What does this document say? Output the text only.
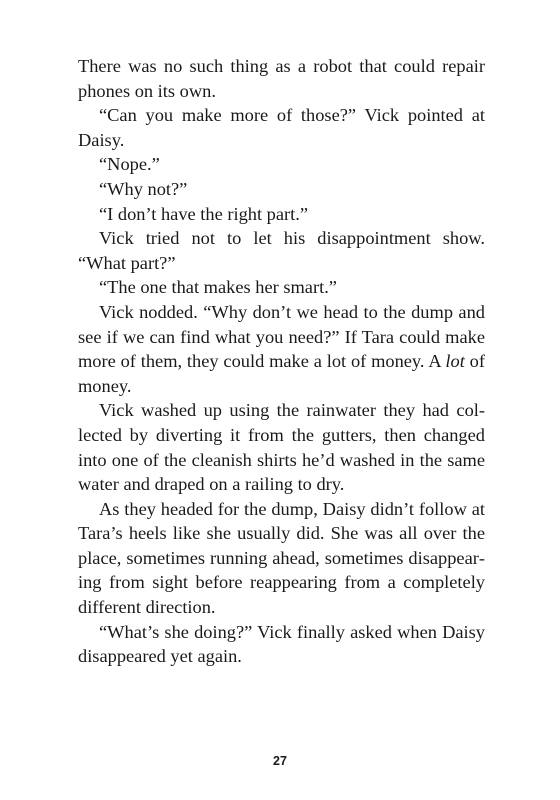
There was no such thing as a robot that could repair phones on its own.

“Can you make more of those?” Vick pointed at Daisy.

“Nope.”

“Why not?”

“I don’t have the right part.”

Vick tried not to let his disappointment show. “What part?”

“The one that makes her smart.”

Vick nodded. “Why don’t we head to the dump and see if we can find what you need?” If Tara could make more of them, they could make a lot of money. A lot of money.

Vick washed up using the rainwater they had collected by diverting it from the gutters, then changed into one of the cleanish shirts he’d washed in the same water and draped on a railing to dry.

As they headed for the dump, Daisy didn’t follow at Tara’s heels like she usually did. She was all over the place, sometimes running ahead, sometimes disappearing from sight before reappearing from a completely different direction.

“What’s she doing?” Vick finally asked when Daisy disappeared yet again.

27
